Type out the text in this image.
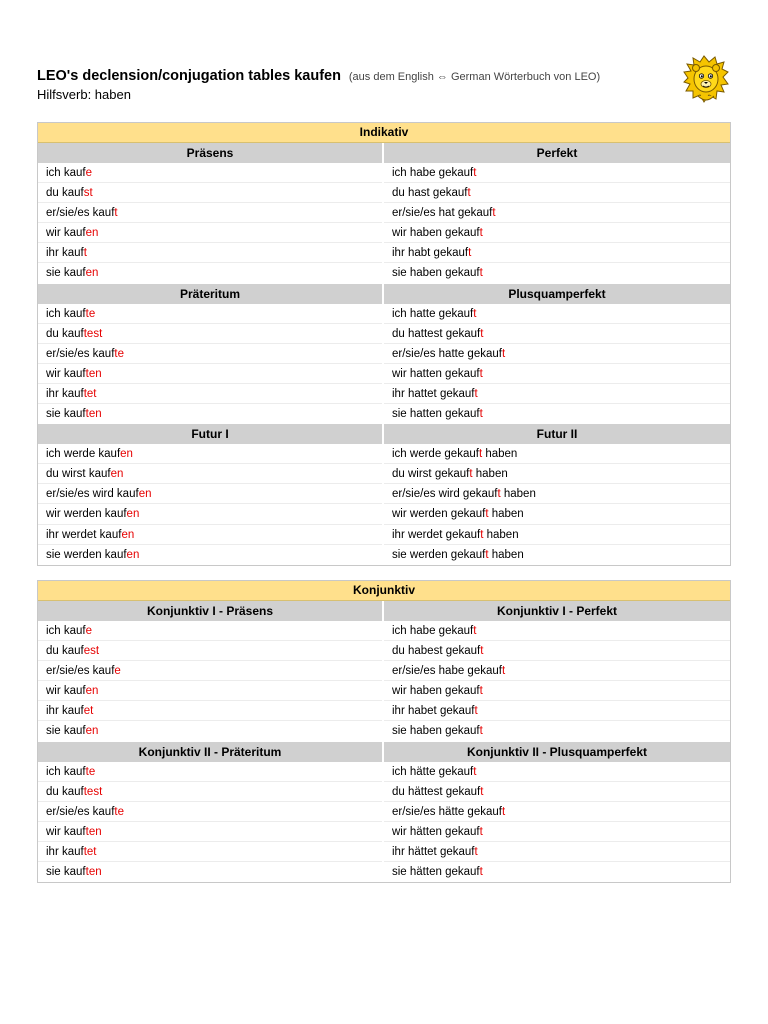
LEO's declension/conjugation tables kaufen (aus dem English ⇔ German Wörterbuch von LEO)
Hilfsverb: haben
Indikativ
Präsens
ich kaufe
du kaufst
er/sie/es kauft
wir kaufen
ihr kauft
sie kaufen
Perfekt
ich habe gekauft
du hast gekauft
er/sie/es hat gekauft
wir haben gekauft
ihr habt gekauft
sie haben gekauft
Präteritum
ich kaufte
du kauftest
er/sie/es kaufte
wir kauften
ihr kauftet
sie kauften
Plusquamperfekt
ich hatte gekauft
du hattest gekauft
er/sie/es hatte gekauft
wir hatten gekauft
ihr hattet gekauft
sie hatten gekauft
Futur I
ich werde kaufen
du wirst kaufen
er/sie/es wird kaufen
wir werden kaufen
ihr werdet kaufen
sie werden kaufen
Futur II
ich werde gekauft haben
du wirst gekauft haben
er/sie/es wird gekauft haben
wir werden gekauft haben
ihr werdet gekauft haben
sie werden gekauft haben
Konjunktiv
Konjunktiv I - Präsens
ich kaufe
du kaufest
er/sie/es kaufe
wir kaufen
ihr kaufet
sie kaufen
Konjunktiv I - Perfekt
ich habe gekauft
du habest gekauft
er/sie/es habe gekauft
wir haben gekauft
ihr habet gekauft
sie haben gekauft
Konjunktiv II - Präteritum
ich kaufte
du kauftest
er/sie/es kaufte
wir kauften
ihr kauftet
sie kauften
Konjunktiv II - Plusquamperfekt
ich hätte gekauft
du hättest gekauft
er/sie/es hätte gekauft
wir hätten gekauft
ihr hättet gekauft
sie hätten gekauft
